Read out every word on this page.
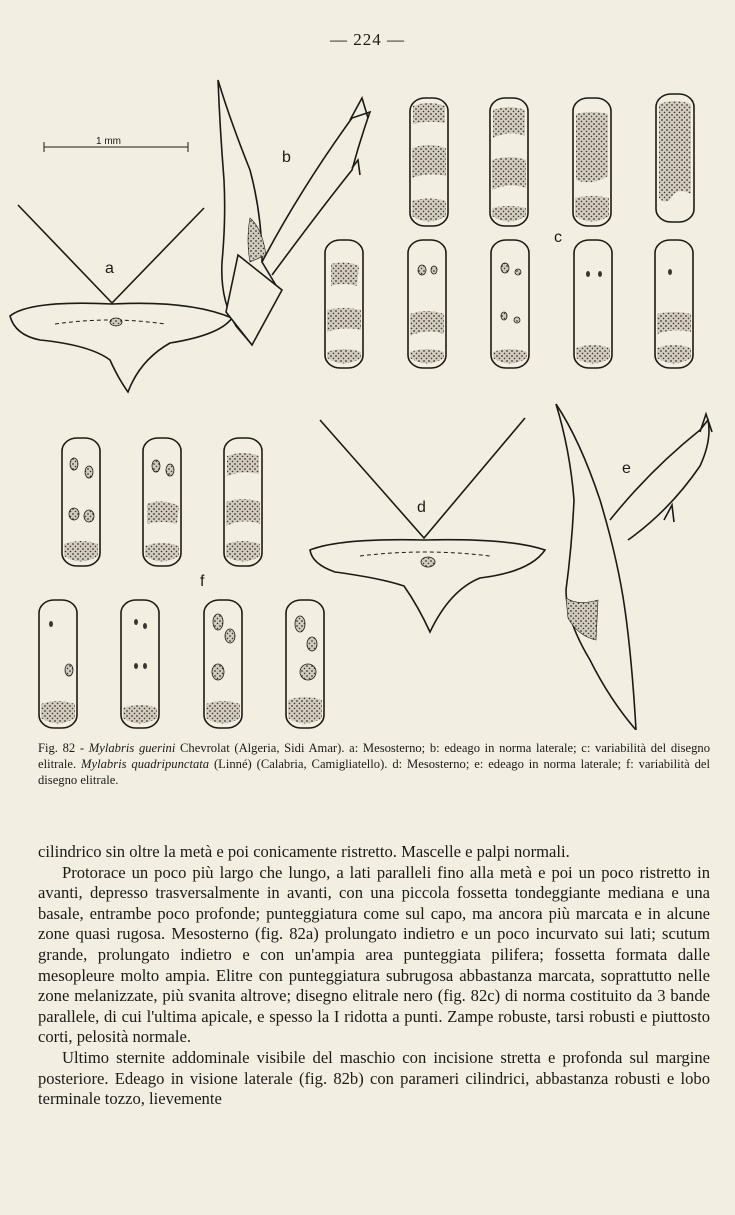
— 224 —
1 mm
a
b
c
f
d
e
Fig. 82 - Mylabris guerini Chevrolat (Algeria, Sidi Amar). a: Mesosterno; b: edeago in norma laterale; c: variabilità del disegno elitrale. Mylabris quadripunctata (Linné) (Calabria, Camigliatello). d: Mesosterno; e: edeago in norma laterale; f: variabilità del disegno elitrale.

cilindrico sin oltre la metà e poi conicamente ristretto. Mascelle e palpi normali.

Protorace un poco più largo che lungo, a lati paralleli fino alla metà e poi un poco ristretto in avanti, depresso trasversalmente in avanti, con una piccola fossetta tondeggiante mediana e una basale, entrambe poco profonde; punteggiatura come sul capo, ma ancora più marcata e in alcune zone quasi rugosa. Mesosterno (fig. 82a) prolungato indietro e un poco incurvato sui lati; scutum grande, prolungato indietro e con un'ampia area punteggiata pilifera; fossetta formata dalle mesopleure molto ampia. Elitre con punteggiatura subrugosa abbastanza marcata, soprattutto nelle zone melanizzate, più svanita altrove; disegno elitrale nero (fig. 82c) di norma costituito da 3 bande parallele, di cui l'ultima apicale, e spesso la I ridotta a punti. Zampe robuste, tarsi robusti e piuttosto corti, pelosità normale.

Ultimo sternite addominale visibile del maschio con incisione stretta e profonda sul margine posteriore. Edeago in visione laterale (fig. 82b) con parameri cilindrici, abbastanza robusti e lobo terminale tozzo, lievemente
